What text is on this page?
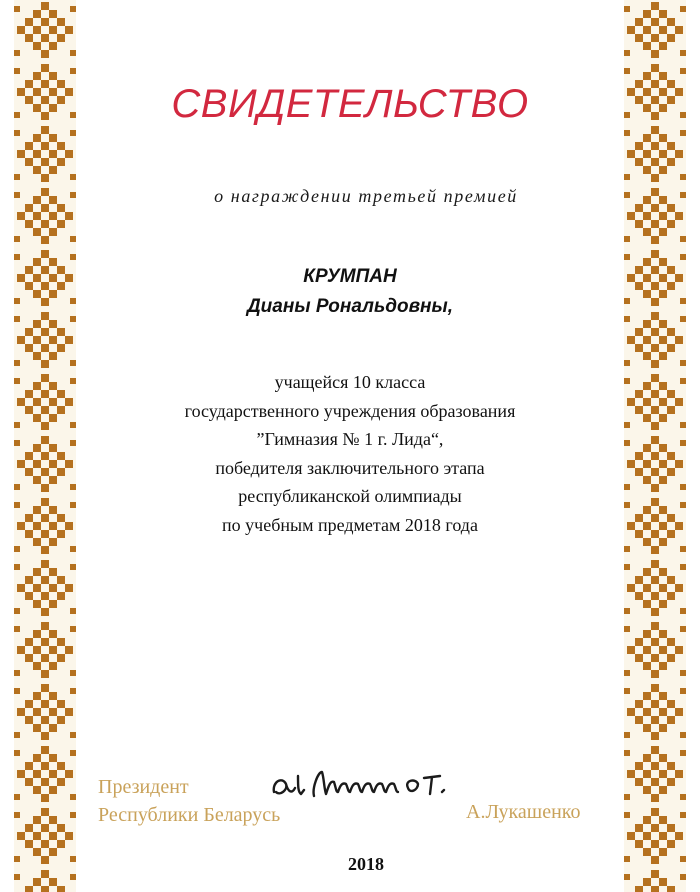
СВИДЕТЕЛЬСТВО
о награждении третьей премией
КРУМПАН
Дианы Рональдовны,
учащейся 10 класса
государственного учреждения образования
”Гимназия № 1 г. Лида“,
победителя заключительного этапа
республиканской олимпиады
по учебным предметам 2018 года
Президент
Республики Беларусь	А.Лукашенко
2018
